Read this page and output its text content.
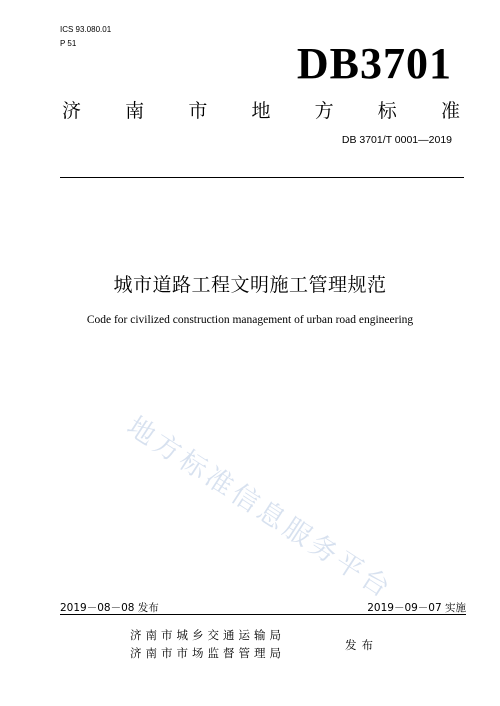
ICS 93.080.01
P 51	DB3701
济 南 市 地 方 标 准
DB 3701/T 0001—2019
城市道路工程文明施工管理规范
Code for civilized construction management of urban road engineering
地方标准信息服务平台
2019－08－08 发布	2019－09－07 实施
济南市城乡交通运输局
济南市市场监督管理局
发布
